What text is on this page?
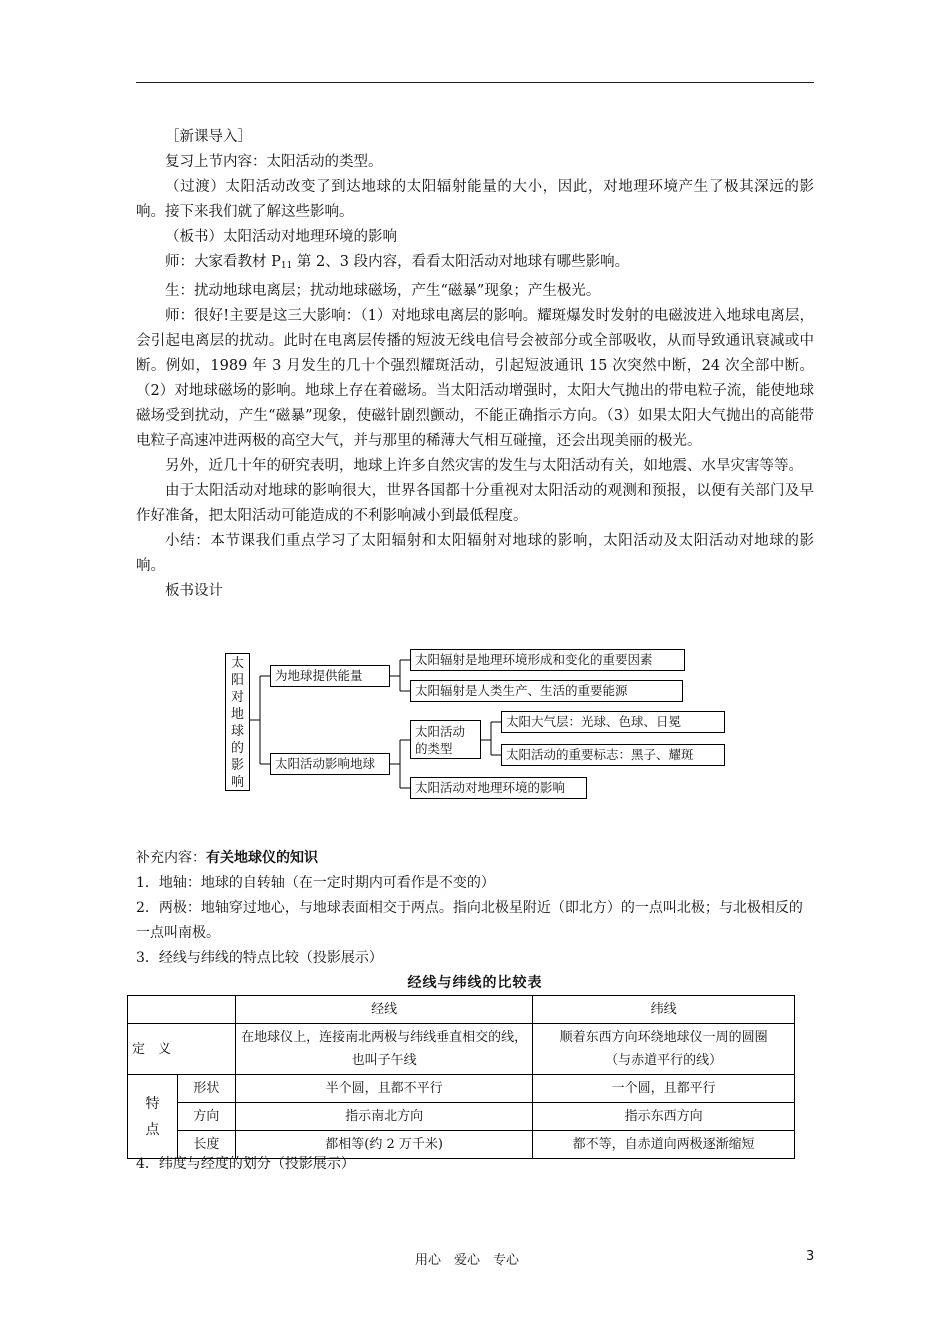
［新课导入］

复习上节内容：太阳活动的类型。

（过渡）太阳活动改变了到达地球的太阳辐射能量的大小，因此，对地理环境产生了极其深远的影响。接下来我们就了解这些影响。

（板书）太阳活动对地理环境的影响

师：大家看教材 $P_{11}$ 第 2、3 段内容，看看太阳活动对地球有哪些影响。

生：扰动地球电离层；扰动地球磁场，产生“磁暴”现象；产生极光。

师：很好!主要是这三大影响：（1）对地球电离层的影响。耀斑爆发时发射的电磁波进入地球电离层，会引起电离层的扰动。此时在电离层传播的短波无线电信号会被部分或全部吸收，从而导致通讯衰减或中断。例如，1989 年 3 月发生的几十个强烈耀斑活动，引起短波通讯 15 次突然中断，24 次全部中断。（2）对地球磁场的影响。地球上存在着磁场。当太阳活动增强时，太阳大气抛出的带电粒子流，能使地球磁场受到扰动，产生“磁暴”现象，使磁针剧烈颤动，不能正确指示方向。（3）如果太阳大气抛出的高能带电粒子高速冲进两极的高空大气，并与那里的稀薄大气相互碰撞，还会出现美丽的极光。

另外，近几十年的研究表明，地球上许多自然灾害的发生与太阳活动有关，如地震、水旱灾害等等。

由于太阳活动对地球的影响很大，世界各国都十分重视对太阳活动的观测和预报，以便有关部门及早作好准备，把太阳活动可能造成的不利影响减小到最低程度。

小结：本节课我们重点学习了太阳辐射和太阳辐射对地球的影响，太阳活动及太阳活动对地球的影响。

板书设计

太
阳
对
地
球
的
影
响
为地球提供能量
太阳辐射是地理环境形成和变化的重要因素
太阳辐射是人类生产、生活的重要能源
太阳活动影响地球
太阳活动
的类型
太阳大气层：光球、色球、日冕
太阳活动的重要标志：黑子、耀斑
太阳活动对地理环境的影响

补充内容：有关地球仪的知识

1．地轴：地球的自转轴（在一定时期内可看作是不变的）

2．两极：地轴穿过地心，与地球表面相交于两点。指向北极星附近（即北方）的一点叫北极；与北极相反的一点叫南极。

3．经线与纬线的特点比较（投影展示）

经线与纬线的比较表
		经线	纬线
定　义		在地球仪上，连接南北两极与纬线垂直相交的线，也叫子午线	顺着东西方向环绕地球仪一周的圆圈
（与赤道平行的线）

特
点	形状	半个圆，且都不平行	一个圆，且都平行
	方向	指示南北方向	指示东西方向
	长度	都相等(约 2 万千米)	都不等，自赤道向两极逐渐缩短

4．纬度与经度的划分（投影展示）

用心　爱心　专心	3
